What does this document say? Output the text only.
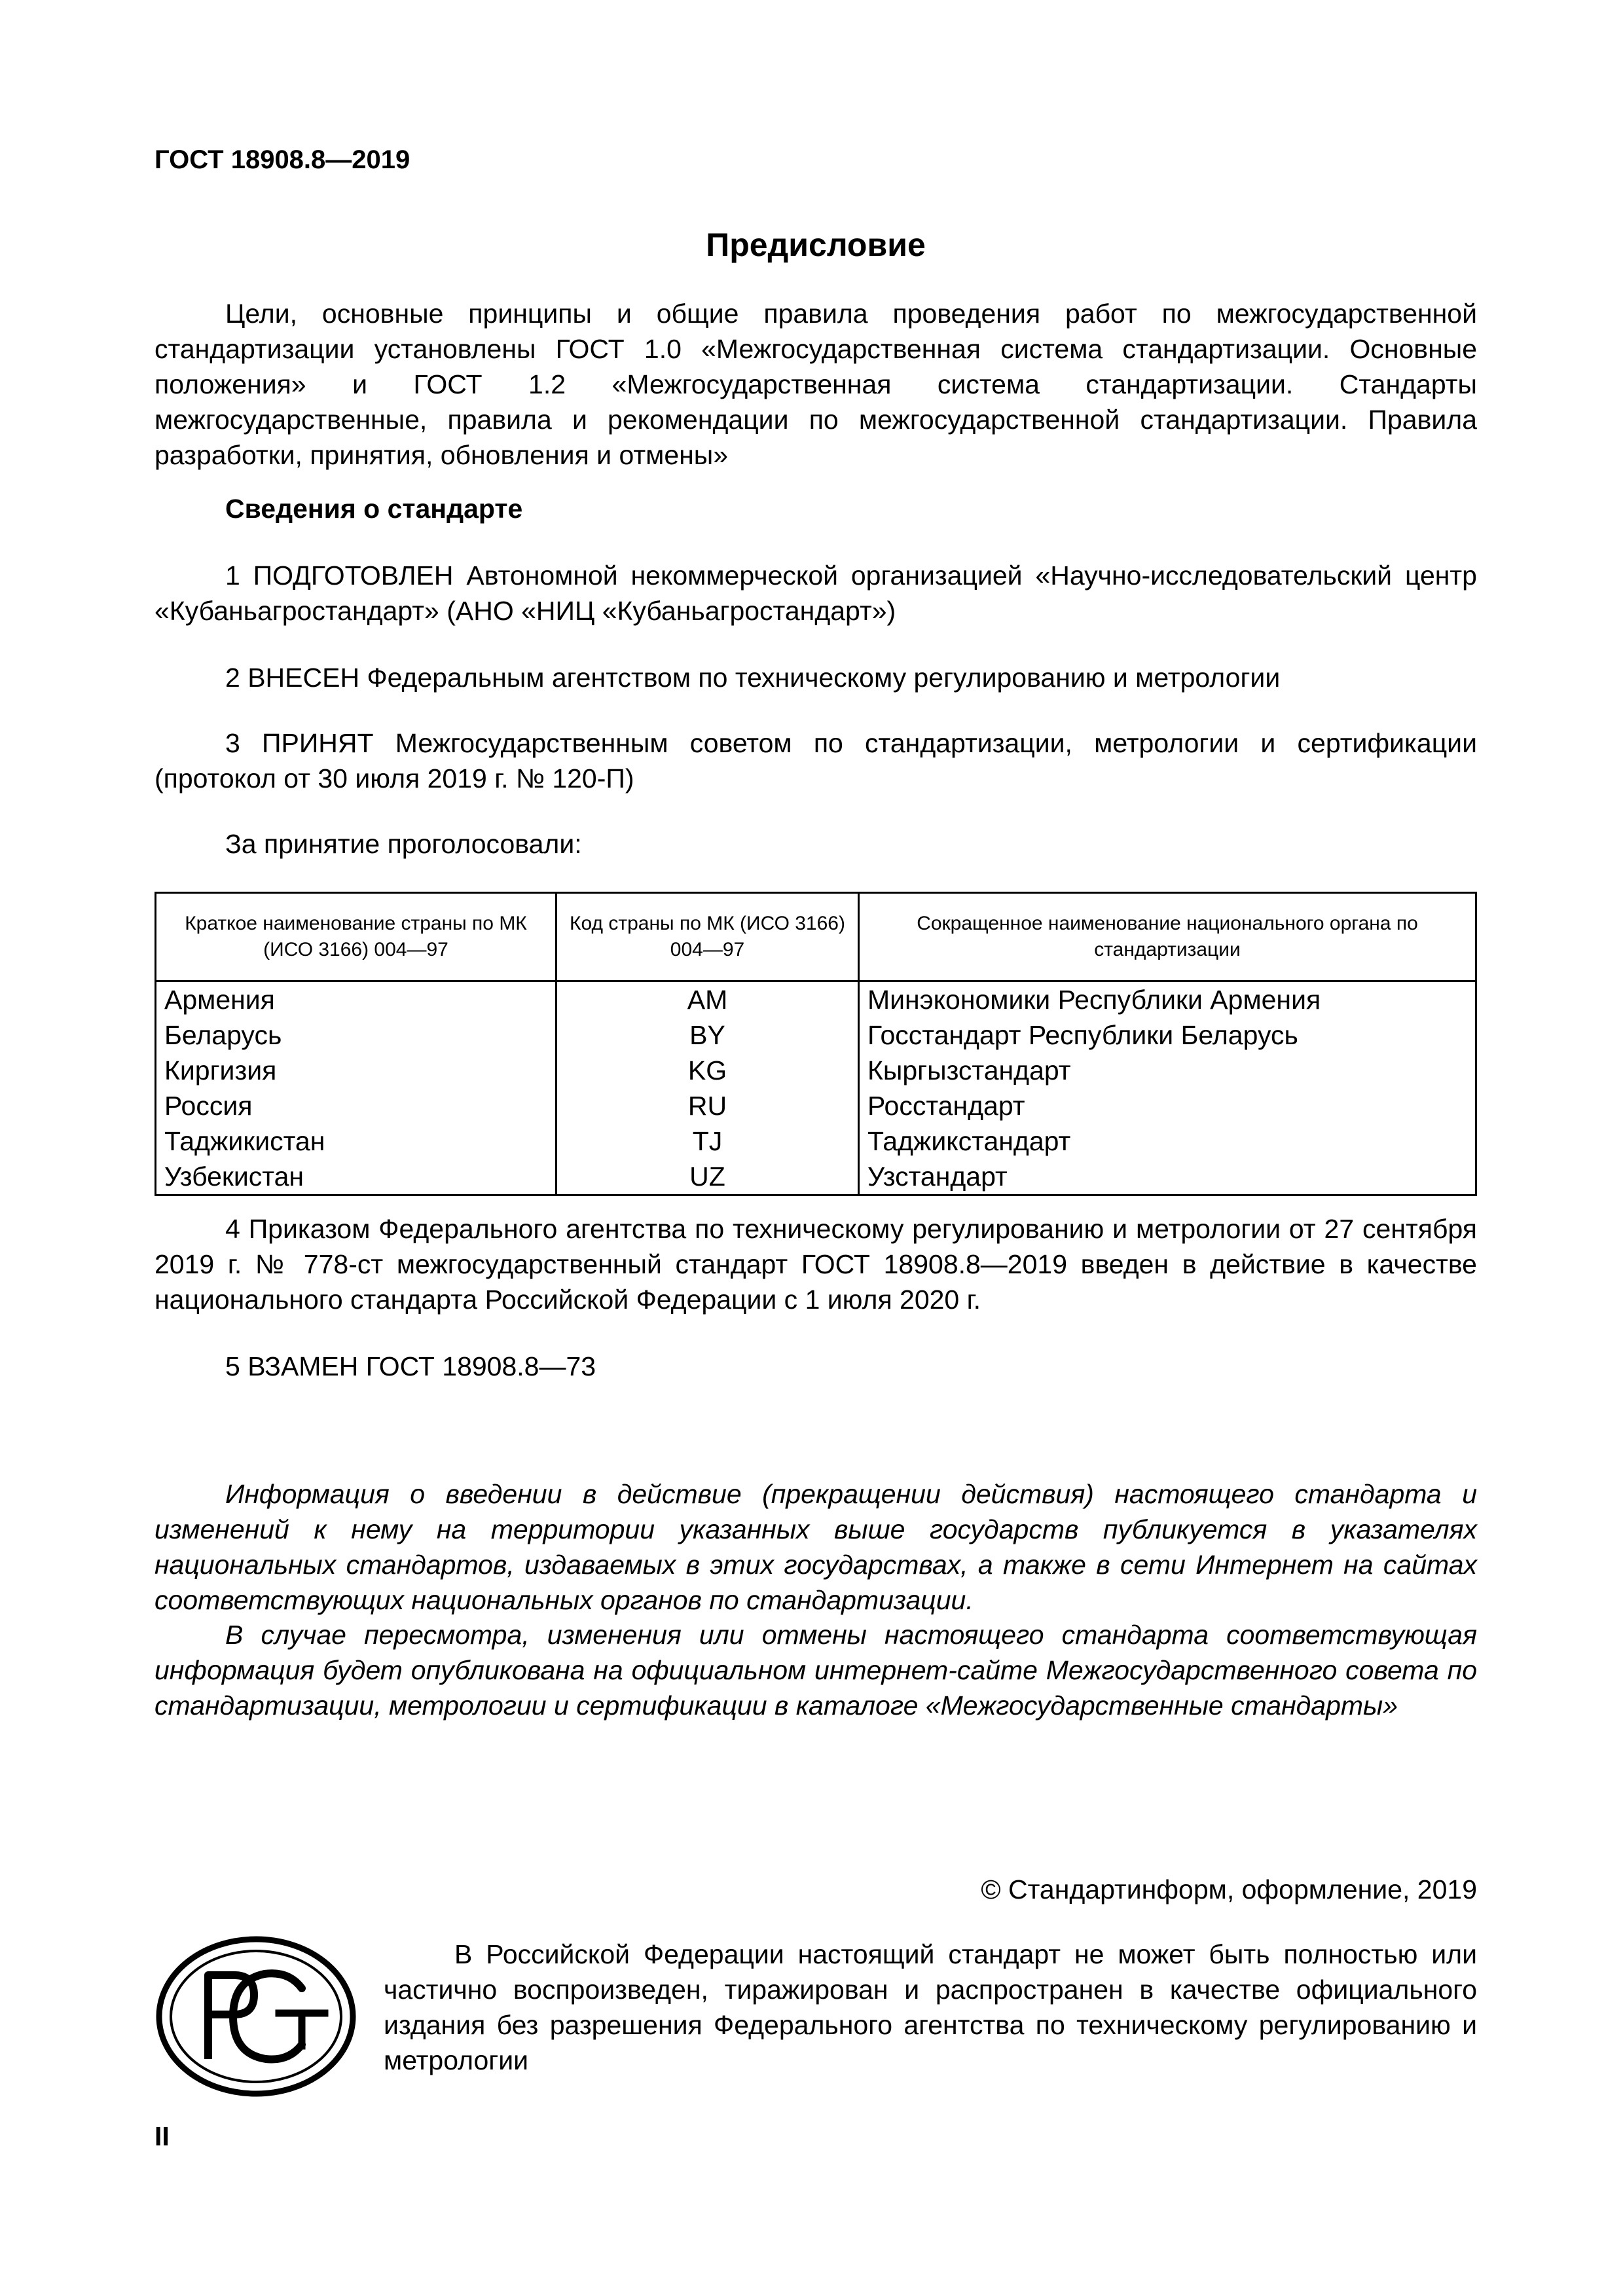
ГОСТ 18908.8—2019
Предисловие
Цели, основные принципы и общие правила проведения работ по межгосударственной стандартизации установлены ГОСТ 1.0 «Межгосударственная система стандартизации. Основные положения» и ГОСТ 1.2 «Межгосударственная система стандартизации. Стандарты межгосударственные, правила и рекомендации по межгосударственной стандартизации. Правила разработки, принятия, обновления и отмены»
Сведения о стандарте
1 ПОДГОТОВЛЕН Автономной некоммерческой организацией «Научно-исследовательский центр «Кубаньагростандарт» (АНО «НИЦ «Кубаньагростандарт»)
2 ВНЕСЕН Федеральным агентством по техническому регулированию и метрологии
3 ПРИНЯТ Межгосударственным советом по стандартизации, метрологии и сертификации (протокол от 30 июля 2019 г. № 120-П)
За принятие проголосовали:
Краткое наименование страны по МК (ИСО 3166) 004—97	Код страны по МК (ИСО 3166) 004—97	Сокращенное наименование национального органа по стандартизации
Армения	AM	Минэкономики Республики Армения
Беларусь	BY	Госстандарт Республики Беларусь
Киргизия	KG	Кыргызстандарт
Россия	RU	Росстандарт
Таджикистан	TJ	Таджикстандарт
Узбекистан	UZ	Узстандарт
4 Приказом Федерального агентства по техническому регулированию и метрологии от 27 сентября 2019 г. № 778-ст межгосударственный стандарт ГОСТ 18908.8—2019 введен в действие в качестве национального стандарта Российской Федерации с 1 июля 2020 г.
5 ВЗАМЕН ГОСТ 18908.8—73
Информация о введении в действие (прекращении действия) настоящего стандарта и изменений к нему на территории указанных выше государств публикуется в указателях национальных стандартов, издаваемых в этих государствах, а также в сети Интернет на сайтах соответствующих национальных органов по стандартизации.
В случае пересмотра, изменения или отмены настоящего стандарта соответствующая информация будет опубликована на официальном интернет-сайте Межгосударственного совета по стандартизации, метрологии и сертификации в каталоге «Межгосударственные стандарты»
© Стандартинформ, оформление, 2019
В Российской Федерации настоящий стандарт не может быть полностью или частично воспроизведен, тиражирован и распространен в качестве официального издания без разрешения Федерального агентства по техническому регулированию и метрологии
II
